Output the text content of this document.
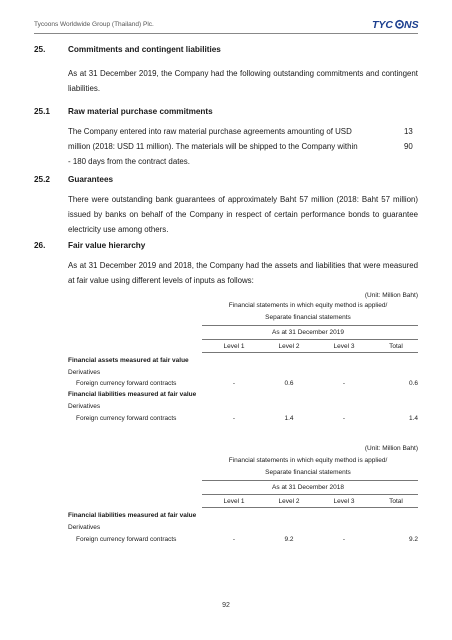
Tycoons Worldwide Group (Thailand) Plc.	TYC NS
25.	Commitments and contingent liabilities
As at 31 December 2019, the Company had the following outstanding commitments and contingent liabilities.
25.1 Raw material purchase commitments
The Company entered into raw material purchase agreements amounting of USD	13
million (2018: USD 11 million). The materials will be shipped to the Company within	90
- 180 days from the contract dates.
25.2 Guarantees
There were outstanding bank guarantees of approximately Baht 57 million (2018: Baht 57 million) issued by banks on behalf of the Company in respect of certain performance bonds to guarantee electricity use among others.
26.	Fair value hierarchy
As at 31 December 2019 and 2018, the Company had the assets and liabilities that were measured at fair value using different levels of inputs as follows:
(Unit: Million Baht)
Financial statements in which equity method is applied/
Separate financial statements
As at 31 December 2019
Level 1	Level 2	Level 3	Total
Financial assets measured at fair value
Derivatives
Foreign currency forward contracts	-	0.6	-	0.6
Financial liabilities measured at fair value
Derivatives
Foreign currency forward contracts	-	1.4	-	1.4
(Unit: Million Baht)
Financial statements in which equity method is applied/
Separate financial statements
As at 31 December 2018
Level 1	Level 2	Level 3	Total
Financial liabilities measured at fair value
Derivatives
Foreign currency forward contracts	-	9.2	-	9.2
92
